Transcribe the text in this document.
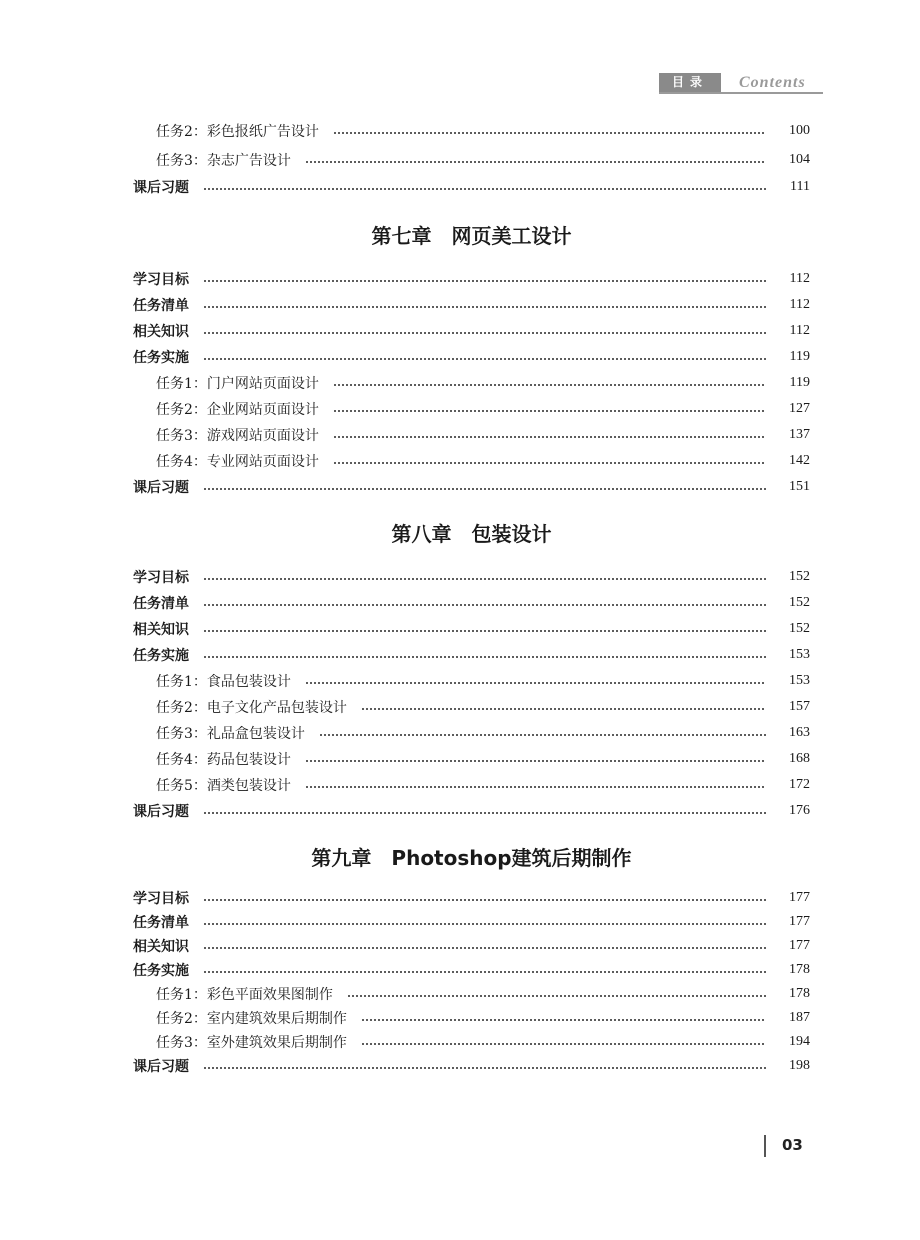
目录	Contents
任务2：彩色报纸广告设计	100
任务3：杂志广告设计	104
课后习题	111
第七章　网页美工设计
学习目标	112
任务清单	112
相关知识	112
任务实施	119
任务1：门户网站页面设计	119
任务2：企业网站页面设计	127
任务3：游戏网站页面设计	137
任务4：专业网站页面设计	142
课后习题	151
第八章　包装设计
学习目标	152
任务清单	152
相关知识	152
任务实施	153
任务1：食品包装设计	153
任务2：电子文化产品包装设计	157
任务3：礼品盒包装设计	163
任务4：药品包装设计	168
任务5：酒类包装设计	172
课后习题	176
第九章　Photoshop建筑后期制作
学习目标	177
任务清单	177
相关知识	177
任务实施	178
任务1：彩色平面效果图制作	178
任务2：室内建筑效果后期制作	187
任务3：室外建筑效果后期制作	194
课后习题	198
03
